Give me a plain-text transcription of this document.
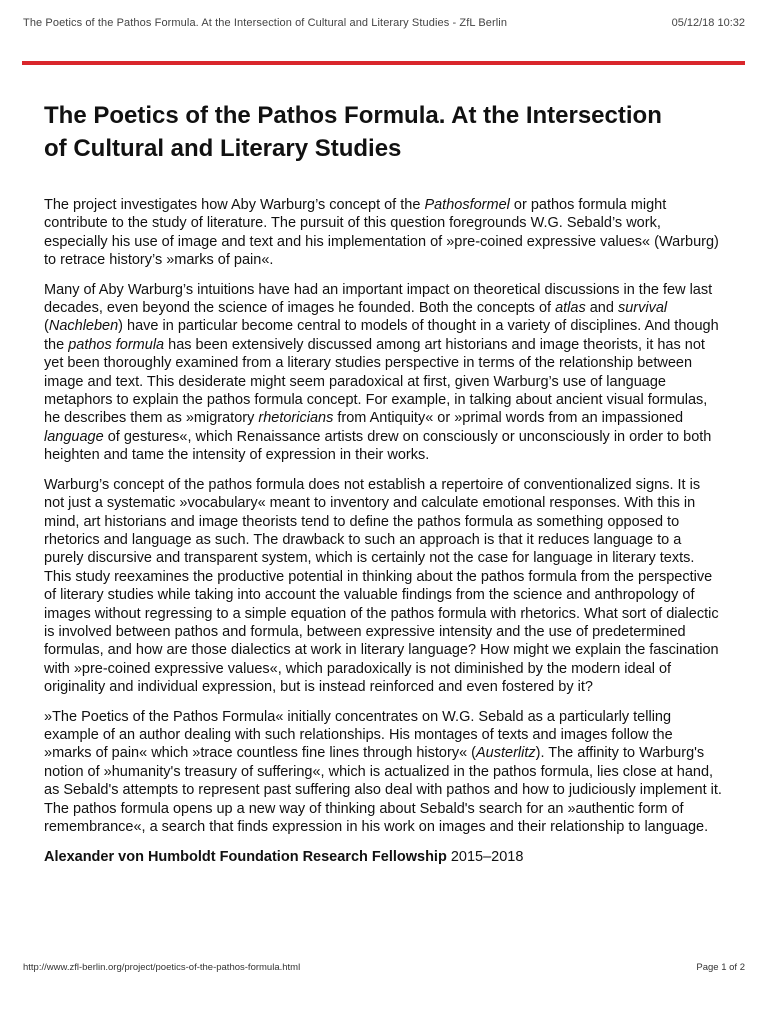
The Poetics of the Pathos Formula. At the Intersection of Cultural and Literary Studies - ZfL Berlin	05/12/18 10:32
The Poetics of the Pathos Formula. At the Intersection of Cultural and Literary Studies

The project investigates how Aby Warburg’s concept of the Pathosformel or pathos formula might contribute to the study of literature. The pursuit of this question foregrounds W.G. Sebald’s work, especially his use of image and text and his implementation of »pre-coined expressive values« (Warburg) to retrace history’s »marks of pain«.

Many of Aby Warburg’s intuitions have had an important impact on theoretical discussions in the few last decades, even beyond the science of images he founded. Both the concepts of atlas and survival (Nachleben) have in particular become central to models of thought in a variety of disciplines. And though the pathos formula has been extensively discussed among art historians and image theorists, it has not yet been thoroughly examined from a literary studies perspective in terms of the relationship between image and text. This desiderate might seem paradoxical at first, given Warburg’s use of language metaphors to explain the pathos formula concept. For example, in talking about ancient visual formulas, he describes them as »migratory rhetoricians from Antiquity« or »primal words from an impassioned language of gestures«, which Renaissance artists drew on consciously or unconsciously in order to both heighten and tame the intensity of expression in their works.

Warburg’s concept of the pathos formula does not establish a repertoire of conventionalized signs. It is not just a systematic »vocabulary« meant to inventory and calculate emotional responses. With this in mind, art historians and image theorists tend to define the pathos formula as something opposed to rhetorics and language as such. The drawback to such an approach is that it reduces language to a purely discursive and transparent system, which is certainly not the case for language in literary texts. This study reexamines the productive potential in thinking about the pathos formula from the perspective of literary studies while taking into account the valuable findings from the science and anthropology of images without regressing to a simple equation of the pathos formula with rhetorics. What sort of dialectic is involved between pathos and formula, between expressive intensity and the use of predetermined formulas, and how are those dialectics at work in literary language? How might we explain the fascination with »pre-coined expressive values«, which paradoxically is not diminished by the modern ideal of originality and individual expression, but is instead reinforced and even fostered by it?

»The Poetics of the Pathos Formula« initially concentrates on W.G. Sebald as a particularly telling example of an author dealing with such relationships. His montages of texts and images follow the »marks of pain« which »trace countless fine lines through history« (Austerlitz). The affinity to Warburg's notion of »humanity's treasury of suffering«, which is actualized in the pathos formula, lies close at hand, as Sebald's attempts to represent past suffering also deal with pathos and how to judiciously implement it. The pathos formula opens up a new way of thinking about Sebald's search for an »authentic form of remembrance«, a search that finds expression in his work on images and their relationship to language.

Alexander von Humboldt Foundation Research Fellowship 2015–2018

http://www.zfl-berlin.org/project/poetics-of-the-pathos-formula.html	Page 1 of 2
